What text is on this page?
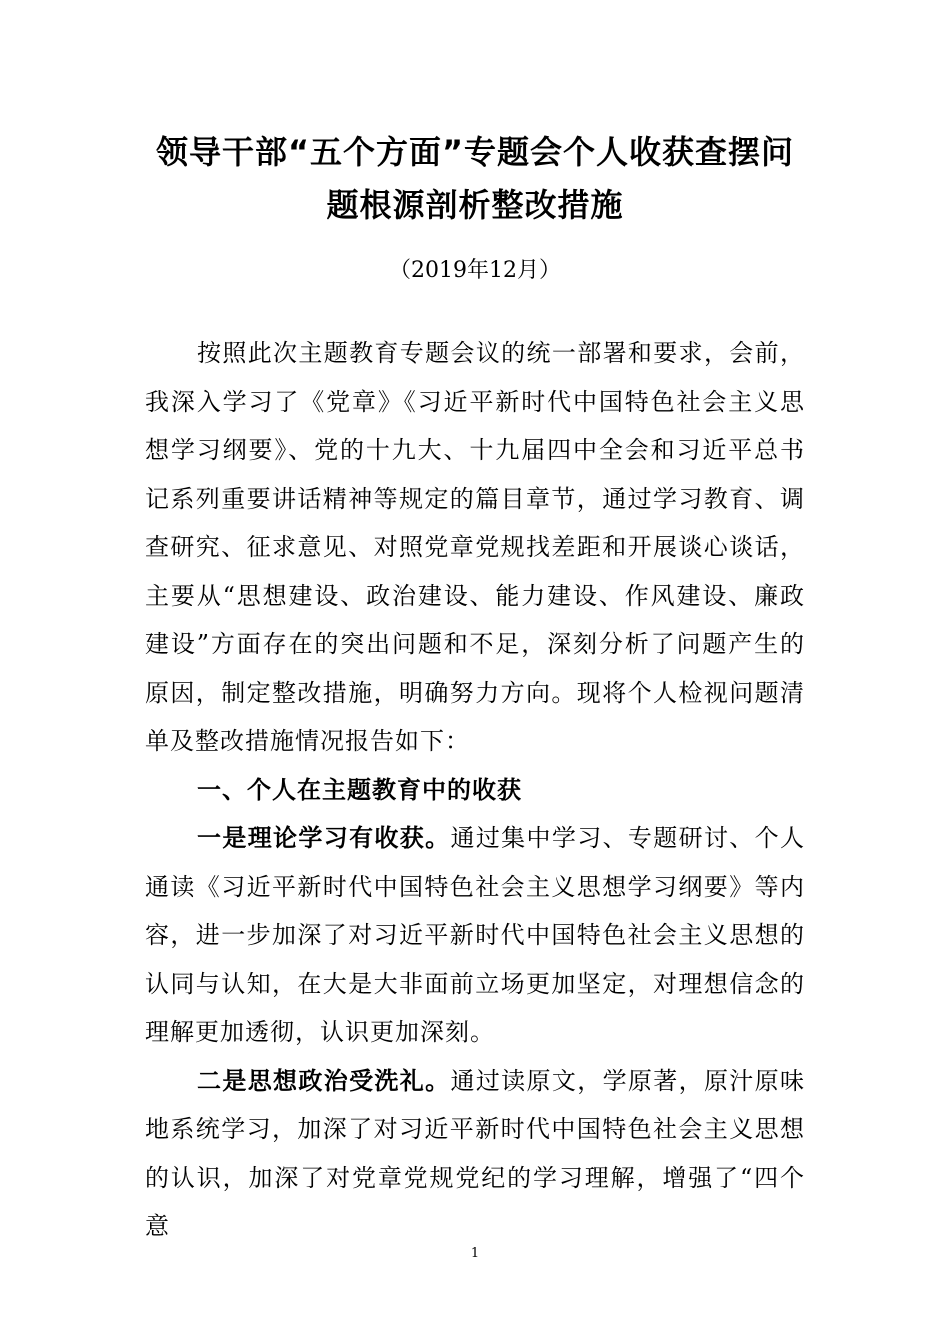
领导干部“五个方面”专题会个人收获查摆问题根源剖析整改措施
（2019年12月）

按照此次主题教育专题会议的统一部署和要求，会前，我深入学习了《党章》《习近平新时代中国特色社会主义思想学习纲要》、党的十九大、十九届四中全会和习近平总书记系列重要讲话精神等规定的篇目章节，通过学习教育、调查研究、征求意见、对照党章党规找差距和开展谈心谈话，主要从“思想建设、政治建设、能力建设、作风建设、廉政建设”方面存在的突出问题和不足，深刻分析了问题产生的原因，制定整改措施，明确努力方向。现将个人检视问题清单及整改措施情况报告如下：

一、个人在主题教育中的收获

一是理论学习有收获。通过集中学习、专题研讨、个人通读《习近平新时代中国特色社会主义思想学习纲要》等内容，进一步加深了对习近平新时代中国特色社会主义思想的认同与认知，在大是大非面前立场更加坚定，对理想信念的理解更加透彻，认识更加深刻。

二是思想政治受洗礼。通过读原文，学原著，原汁原味地系统学习，加深了对习近平新时代中国特色社会主义思想的认识，加深了对党章党规党纪的学习理解，增强了“四个意

1
